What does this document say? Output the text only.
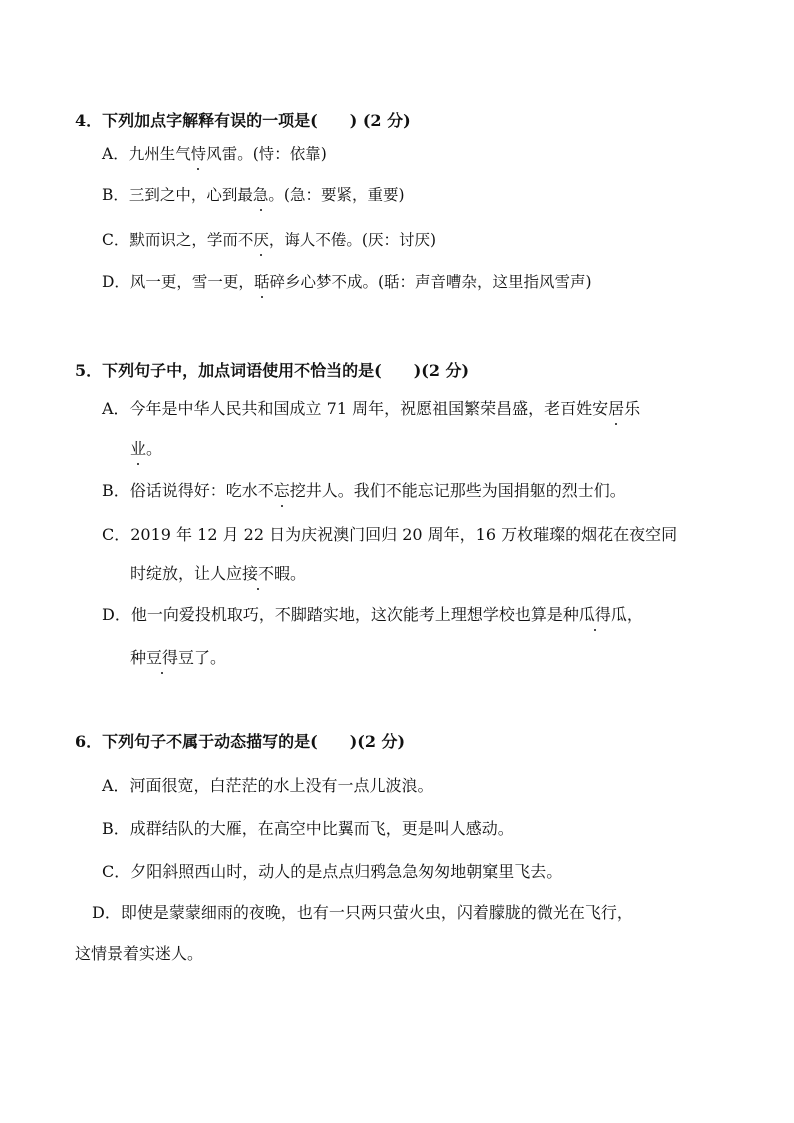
4．下列加点字解释有误的一项是(　　) (2 分)
A．九州生气恃风雷。(恃：依靠)
B．三到之中，心到最急。(急：要紧，重要)
C．默而识之，学而不厌，诲人不倦。(厌：讨厌)
D．风一更，雪一更，聒碎乡心梦不成。(聒：声音嘈杂，这里指风雪声)
5．下列句子中，加点词语使用不恰当的是(　　)(2 分)
A．今年是中华人民共和国成立 71 周年，祝愿祖国繁荣昌盛，老百姓安居乐
业。
B．俗话说得好：吃水不忘挖井人。我们不能忘记那些为国捐躯的烈士们。
C．2019 年 12 月 22 日为庆祝澳门回归 20 周年，16 万枚璀璨的烟花在夜空同
时绽放，让人应接不暇。
D．他一向爱投机取巧，不脚踏实地，这次能考上理想学校也算是种瓜得瓜，
种豆得豆了。
6．下列句子不属于动态描写的是(　　)(2 分)
A．河面很宽，白茫茫的水上没有一点儿波浪。
B．成群结队的大雁，在高空中比翼而飞，更是叫人感动。
C．夕阳斜照西山时，动人的是点点归鸦急急匆匆地朝窠里飞去。
D．即使是蒙蒙细雨的夜晚，也有一只两只萤火虫，闪着朦胧的微光在飞行，
这情景着实迷人。
